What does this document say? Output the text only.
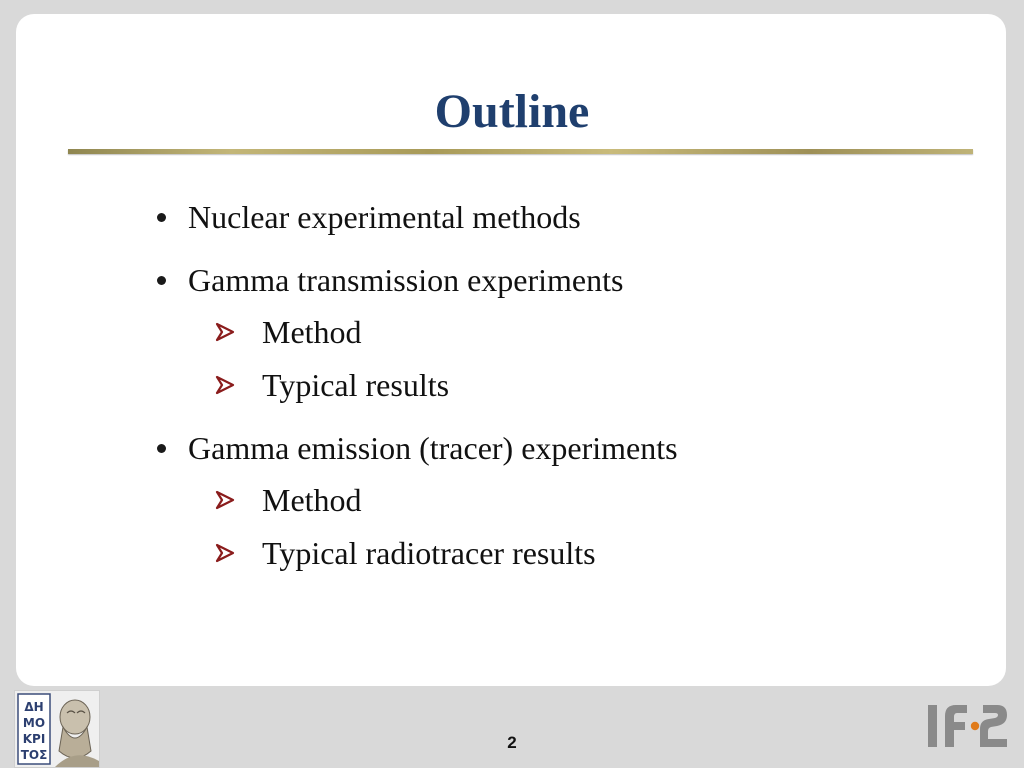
Outline
Nuclear experimental methods
Gamma transmission experiments
Method
Typical results
Gamma emission (tracer) experiments
Method
Typical radiotracer results
ΔΗ
ΜΟ
ΚΡΙ
ΤΟΣ
2
